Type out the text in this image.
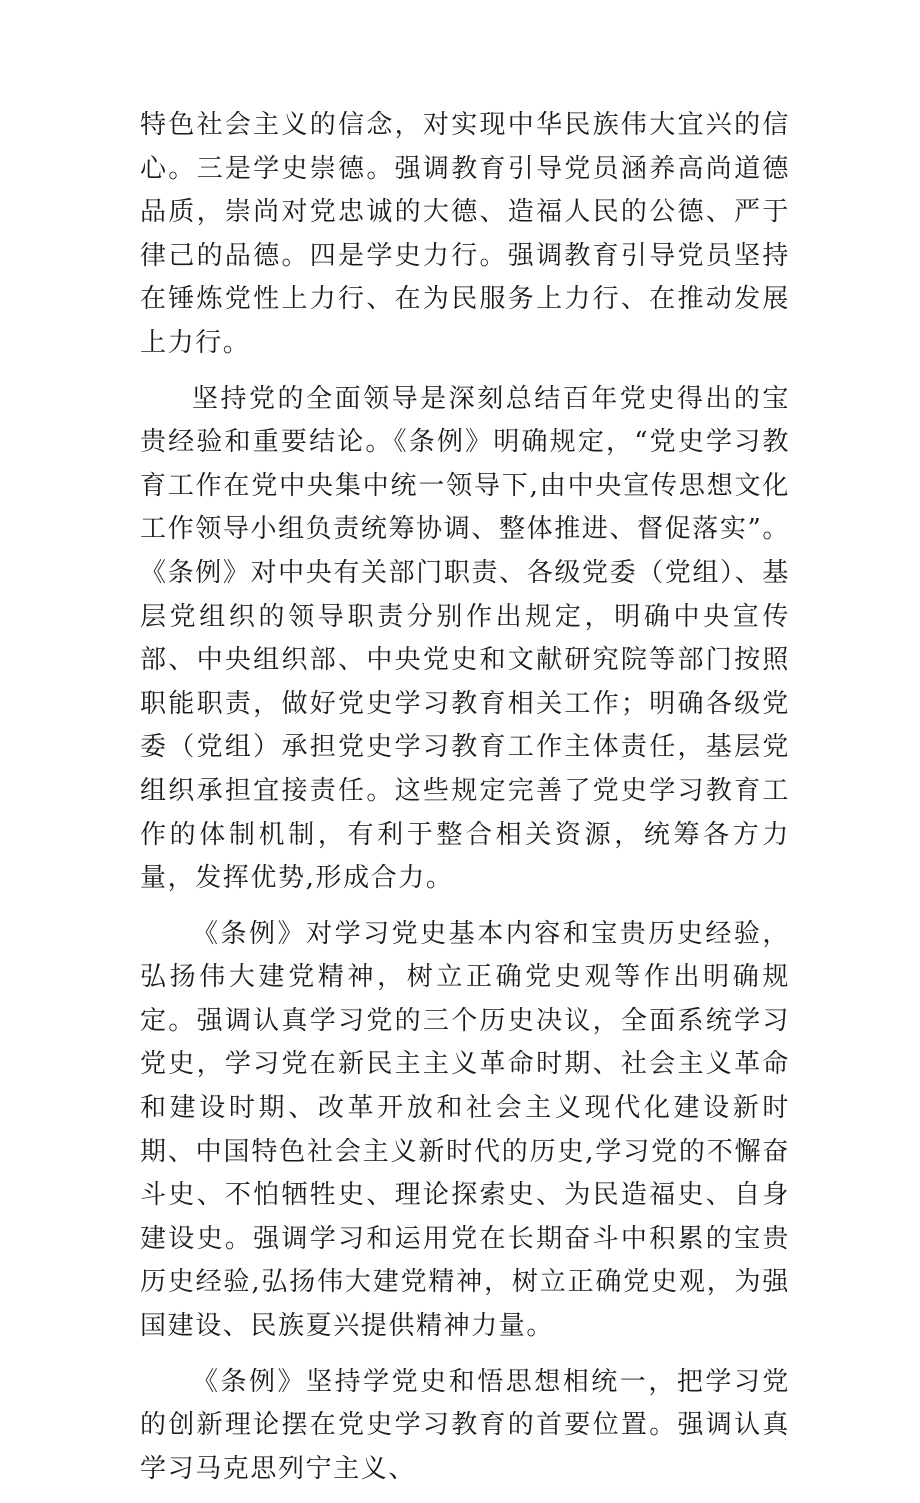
特色社会主义的信念，对实现中华民族伟大宜兴的信心。三是学史崇德。强调教育引导党员涵养高尚道德品质，崇尚对党忠诚的大德、造福人民的公德、严于律己的品德。四是学史力行。强调教育引导党员坚持在锤炼党性上力行、在为民服务上力行、在推动发展上力行。

坚持党的全面领导是深刻总结百年党史得出的宝贵经验和重要结论。《条例》明确规定，“党史学习教育工作在党中央集中统一领导下,由中央宣传思想文化工作领导小组负责统筹协调、整体推进、督促落实”。《条例》对中央有关部门职责、各级党委（党组）、基层党组织的领导职责分别作出规定，明确中央宣传部、中央组织部、中央党史和文献研究院等部门按照职能职责，做好党史学习教育相关工作；明确各级党委（党组）承担党史学习教育工作主体责任，基层党组织承担宜接责任。这些规定完善了党史学习教育工作的体制机制，有利于整合相关资源，统筹各方力量，发挥优势,形成合力。

《条例》对学习党史基本内容和宝贵历史经验，弘扬伟大建党精神，树立正确党史观等作出明确规定。强调认真学习党的三个历史决议，全面系统学习党史，学习党在新民主主义革命时期、社会主义革命和建设时期、改革开放和社会主义现代化建设新时期、中国特色社会主义新时代的历史,学习党的不懈奋斗史、不怕牺牲史、理论探索史、为民造福史、自身建设史。强调学习和运用党在长期奋斗中积累的宝贵历史经验,弘扬伟大建党精神，树立正确党史观，为强国建设、民族夏兴提供精神力量。

《条例》坚持学党史和悟思想相统一，把学习党的创新理论摆在党史学习教育的首要位置。强调认真学习马克思列宁主义、
